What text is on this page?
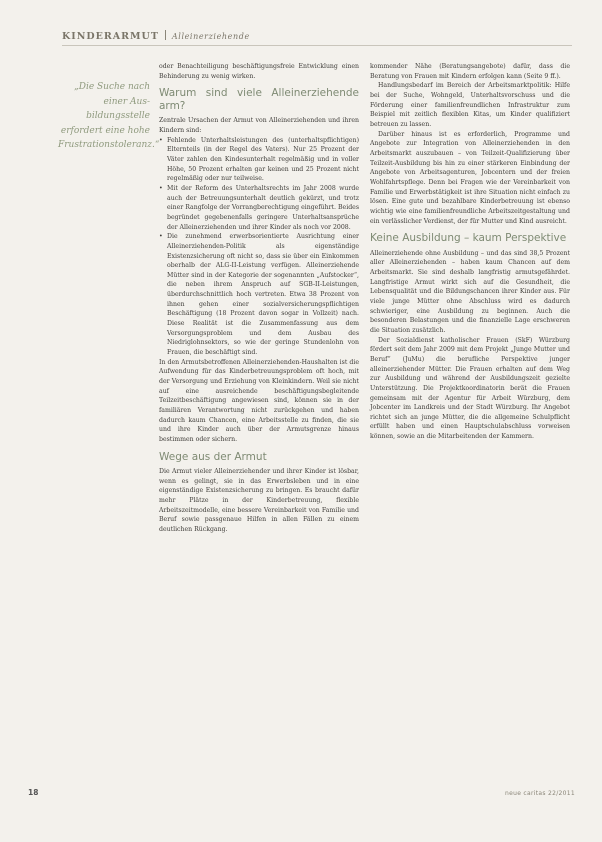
KINDERARMUT Alleinerziehende
„Die Suche nach einer Aus-bildungsstelle erfordert eine hohe Frustrationstoleranz.“

oder Benachteiligung beschäftigungsfreie Entwicklung einen Behinderung zu wenig wirken.

Warum sind viele Alleinerziehende arm?

Zentrale Ursachen der Armut von Alleinerziehenden und ihren Kindern sind:

• Fehlende Unterhaltsleistungen des (unterhaltspflichtigen) Elternteils (in der Regel des Vaters). Nur 25 Prozent der Väter zahlen den Kindesunterhalt regelmäßig und in voller Höhe, 50 Prozent erhalten gar keinen und 25 Prozent nicht regelmäßig oder nur teilweise.
• Mit der Reform des Unterhaltsrechts im Jahr 2008 wurde auch der Betreuungsunterhalt deutlich gekürzt, und trotz einer Rangfolge der Vorrangberechtigung eingeführt. Beides begründet gegebenenfalls geringere Unterhaltsansprüche der Alleinerziehenden und ihrer Kinder als noch vor 2008.
• Die zunehmend erwerbsorientierte Ausrichtung einer Alleinerziehenden-Politik als eigenständige Existenzsicherung oft nicht so, dass sie über ein Einkommen oberhalb der ALG-II-Leistung verfügen. Alleinerziehende Mütter sind in der Kategorie der sogenannten „Aufstocker“, die neben ihrem Anspruch auf SGB-II-Leistungen, überdurchschnittlich hoch vertreten. Etwa 38 Prozent von ihnen gehen einer sozialversicherungspflichtigen Beschäftigung (18 Prozent davon sogar in Vollzeit) nach. Diese Realität ist die Zusammenfassung aus dem Versorgungsproblem und dem Ausbau des Niedriglohnsektors, so wie der geringe Stundenlohn von Frauen, die beschäftigt sind.

In den Armutsbetroffenen Alleinerziehenden-Haushalten ist die Aufwendung für das Kinderbetreuungsproblem oft hoch, mit der Versorgung und Erziehung von Kleinkindern. Weil sie nicht auf eine ausreichende beschäftigungsbegleitende Teilzeitbeschäftigung angewiesen sind, können sie in der familiären Verantwortung nicht zurückgehen und haben dadurch kaum Chancen, eine Arbeitsstelle zu finden, die sie und ihre Kinder auch über der Armutsgrenze hinaus bestimmen oder sichern.

Wege aus der Armut

Die Armut vieler Alleinerziehender und ihrer Kinder ist lösbar, wenn es gelingt, sie in das Erwerbsleben und in eine eigenständige Existenzsicherung zu bringen. Es braucht dafür mehr Plätze in der Kinderbetreuung, flexible Arbeitszeitmodelle, eine bessere Vereinbarkeit von Familie und Beruf sowie passgenaue Hilfen in allen Fällen zu einem deutlichen Rückgang.

kommender Nähe (Beratungsangebote) dafür, dass die Beratung von Frauen mit Kindern erfolgen kann (Seite 9 ff.).

Handlungsbedarf im Bereich der Arbeitsmarktpolitik: Hilfe bei der Suche, Wohngeld, Unterhaltsvorschuss und die Förderung einer familienfreundlichen Infrastruktur zum Beispiel mit zeitlich flexiblen Kitas, um Kinder qualifiziert betreuen zu lassen.

Darüber hinaus ist es erforderlich, Programme und Angebote zur Integration von Alleinerziehenden in den Arbeitsmarkt auszubauen – von Teilzeit-Qualifizierung über Teilzeit-Ausbildung bis hin zu einer stärkeren Einbindung der Angebote von Arbeitsagenturen, Jobcentern und der freien Wohlfahrtspflege. Denn bei Fragen wie der Vereinbarkeit von Familie und Erwerbstätigkeit ist ihre Situation nicht einfach zu lösen. Eine gute und bezahlbare Kinderbetreuung ist ebenso wichtig wie eine familienfreundliche Arbeitszeitgestaltung und ein verlässlicher Verdienst, der für Mutter und Kind ausreicht.

Keine Ausbildung – kaum Perspektive

Alleinerziehende ohne Ausbildung – und das sind 38,5 Prozent aller Alleinerziehenden – haben kaum Chancen auf dem Arbeitsmarkt. Sie sind deshalb langfristig armutsgefährdet. Langfristige Armut wirkt sich auf die Gesundheit, die Lebensqualität und die Bildungschancen ihrer Kinder aus. Für viele junge Mütter ohne Abschluss wird es dadurch schwieriger, eine Ausbildung zu beginnen. Auch die besonderen Belastungen und die finanzielle Lage erschweren die Situation zusätzlich.

Der Sozialdienst katholischer Frauen (SkF) Würzburg fördert seit dem Jahr 2009 mit dem Projekt „Junge Mutter und Beruf“ (JuMu) die berufliche Perspektive junger alleinerziehender Mütter. Die Frauen erhalten auf dem Weg zur Ausbildung und während der Ausbildungszeit gezielte Unterstützung. Die Projektkoordinatorin berät die Frauen gemeinsam mit der Agentur für Arbeit Würzburg, dem Jobcenter im Landkreis und der Stadt Würzburg. Ihr Angebot richtet sich an junge Mütter, die die allgemeine Schulpflicht erfüllt haben und einen Hauptschulabschluss vorweisen können, sowie an die Mitarbeitenden der Kammern.

18	neue caritas 22/2011
